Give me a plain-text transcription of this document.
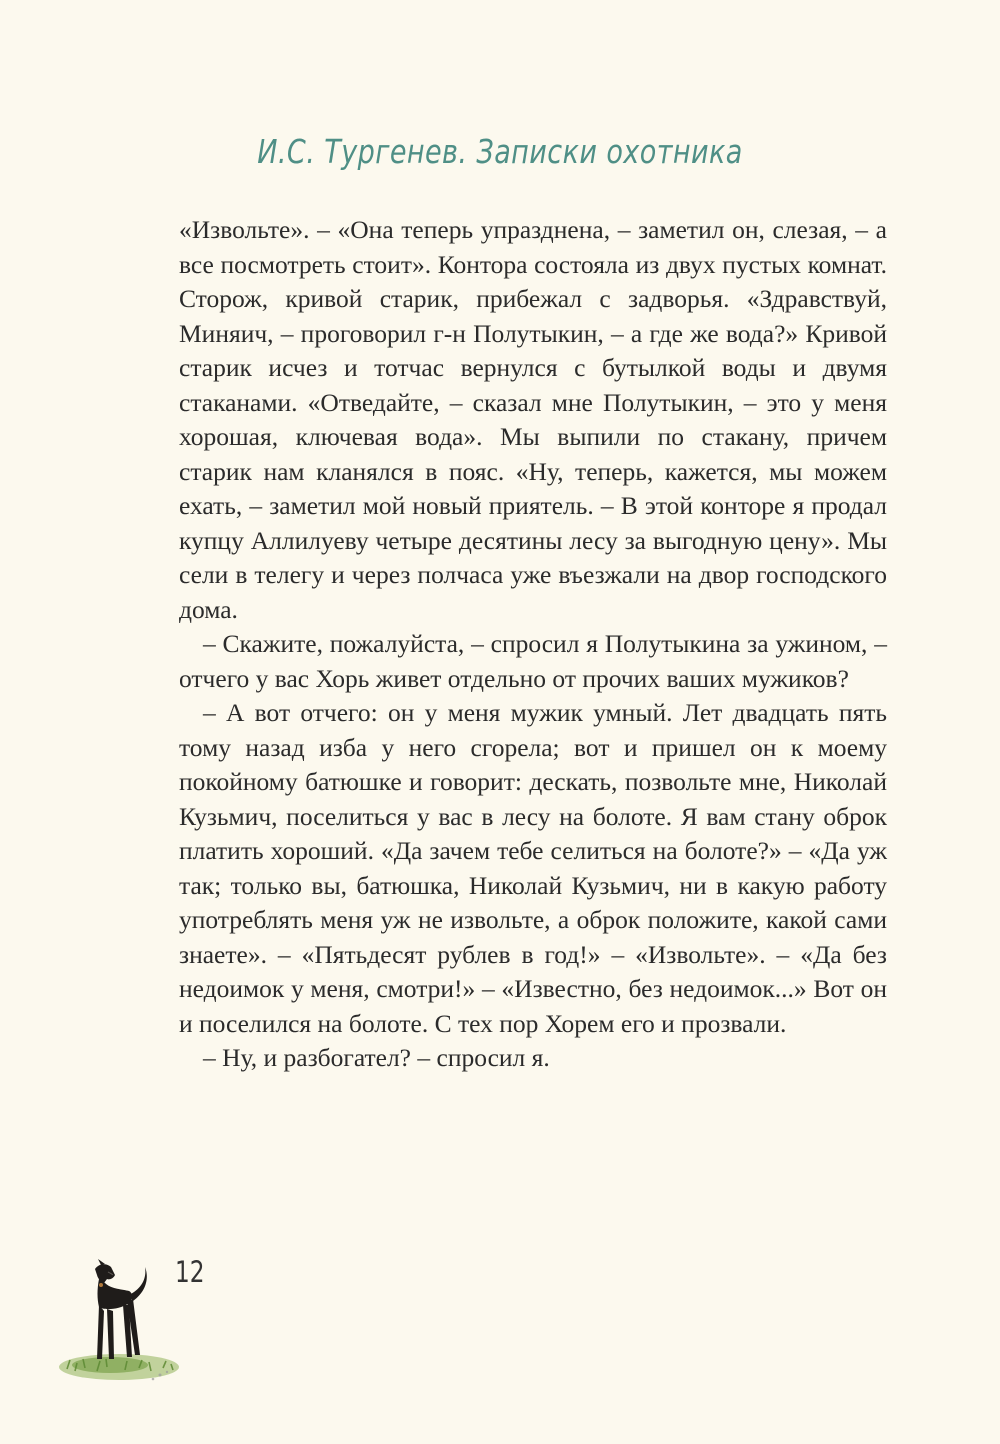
И.С. Тургенев. Записки охотника

«Извольте». – «Она теперь упразднена, – заметил он, слезая, – а все посмотреть стоит». Контора состояла из двух пустых комнат. Сторож, кривой старик, прибежал с задворья. «Здравствуй, Миняич, – проговорил г-н Полутыкин, – а где же вода?» Кривой старик исчез и тотчас вернулся с бутылкой воды и двумя стаканами. «Отведайте, – сказал мне Полутыкин, – это у меня хорошая, ключевая вода». Мы выпили по стакану, причем старик нам кланялся в пояс. «Ну, теперь, кажется, мы можем ехать, – заметил мой новый приятель. – В этой конторе я продал купцу Аллилуеву четыре десятины лесу за выгодную цену». Мы сели в телегу и через полчаса уже въезжали на двор господского дома.

– Скажите, пожалуйста, – спросил я Полутыкина за ужином, – отчего у вас Хорь живет отдельно от прочих ваших мужиков?

– А вот отчего: он у меня мужик умный. Лет двадцать пять тому назад изба у него сгорела; вот и пришел он к моему покойному батюшке и говорит: дескать, позвольте мне, Николай Кузьмич, поселиться у вас в лесу на болоте. Я вам стану оброк платить хороший. «Да зачем тебе селиться на болоте?» – «Да уж так; только вы, батюшка, Николай Кузьмич, ни в какую работу употреблять меня уж не извольте, а оброк положите, какой сами знаете». – «Пятьдесят рублев в год!» – «Извольте». – «Да без недоимок у меня, смотри!» – «Известно, без недоимок...» Вот он и поселился на болоте. С тех пор Хорем его и прозвали.

– Ну, и разбогател? – спросил я.

12
